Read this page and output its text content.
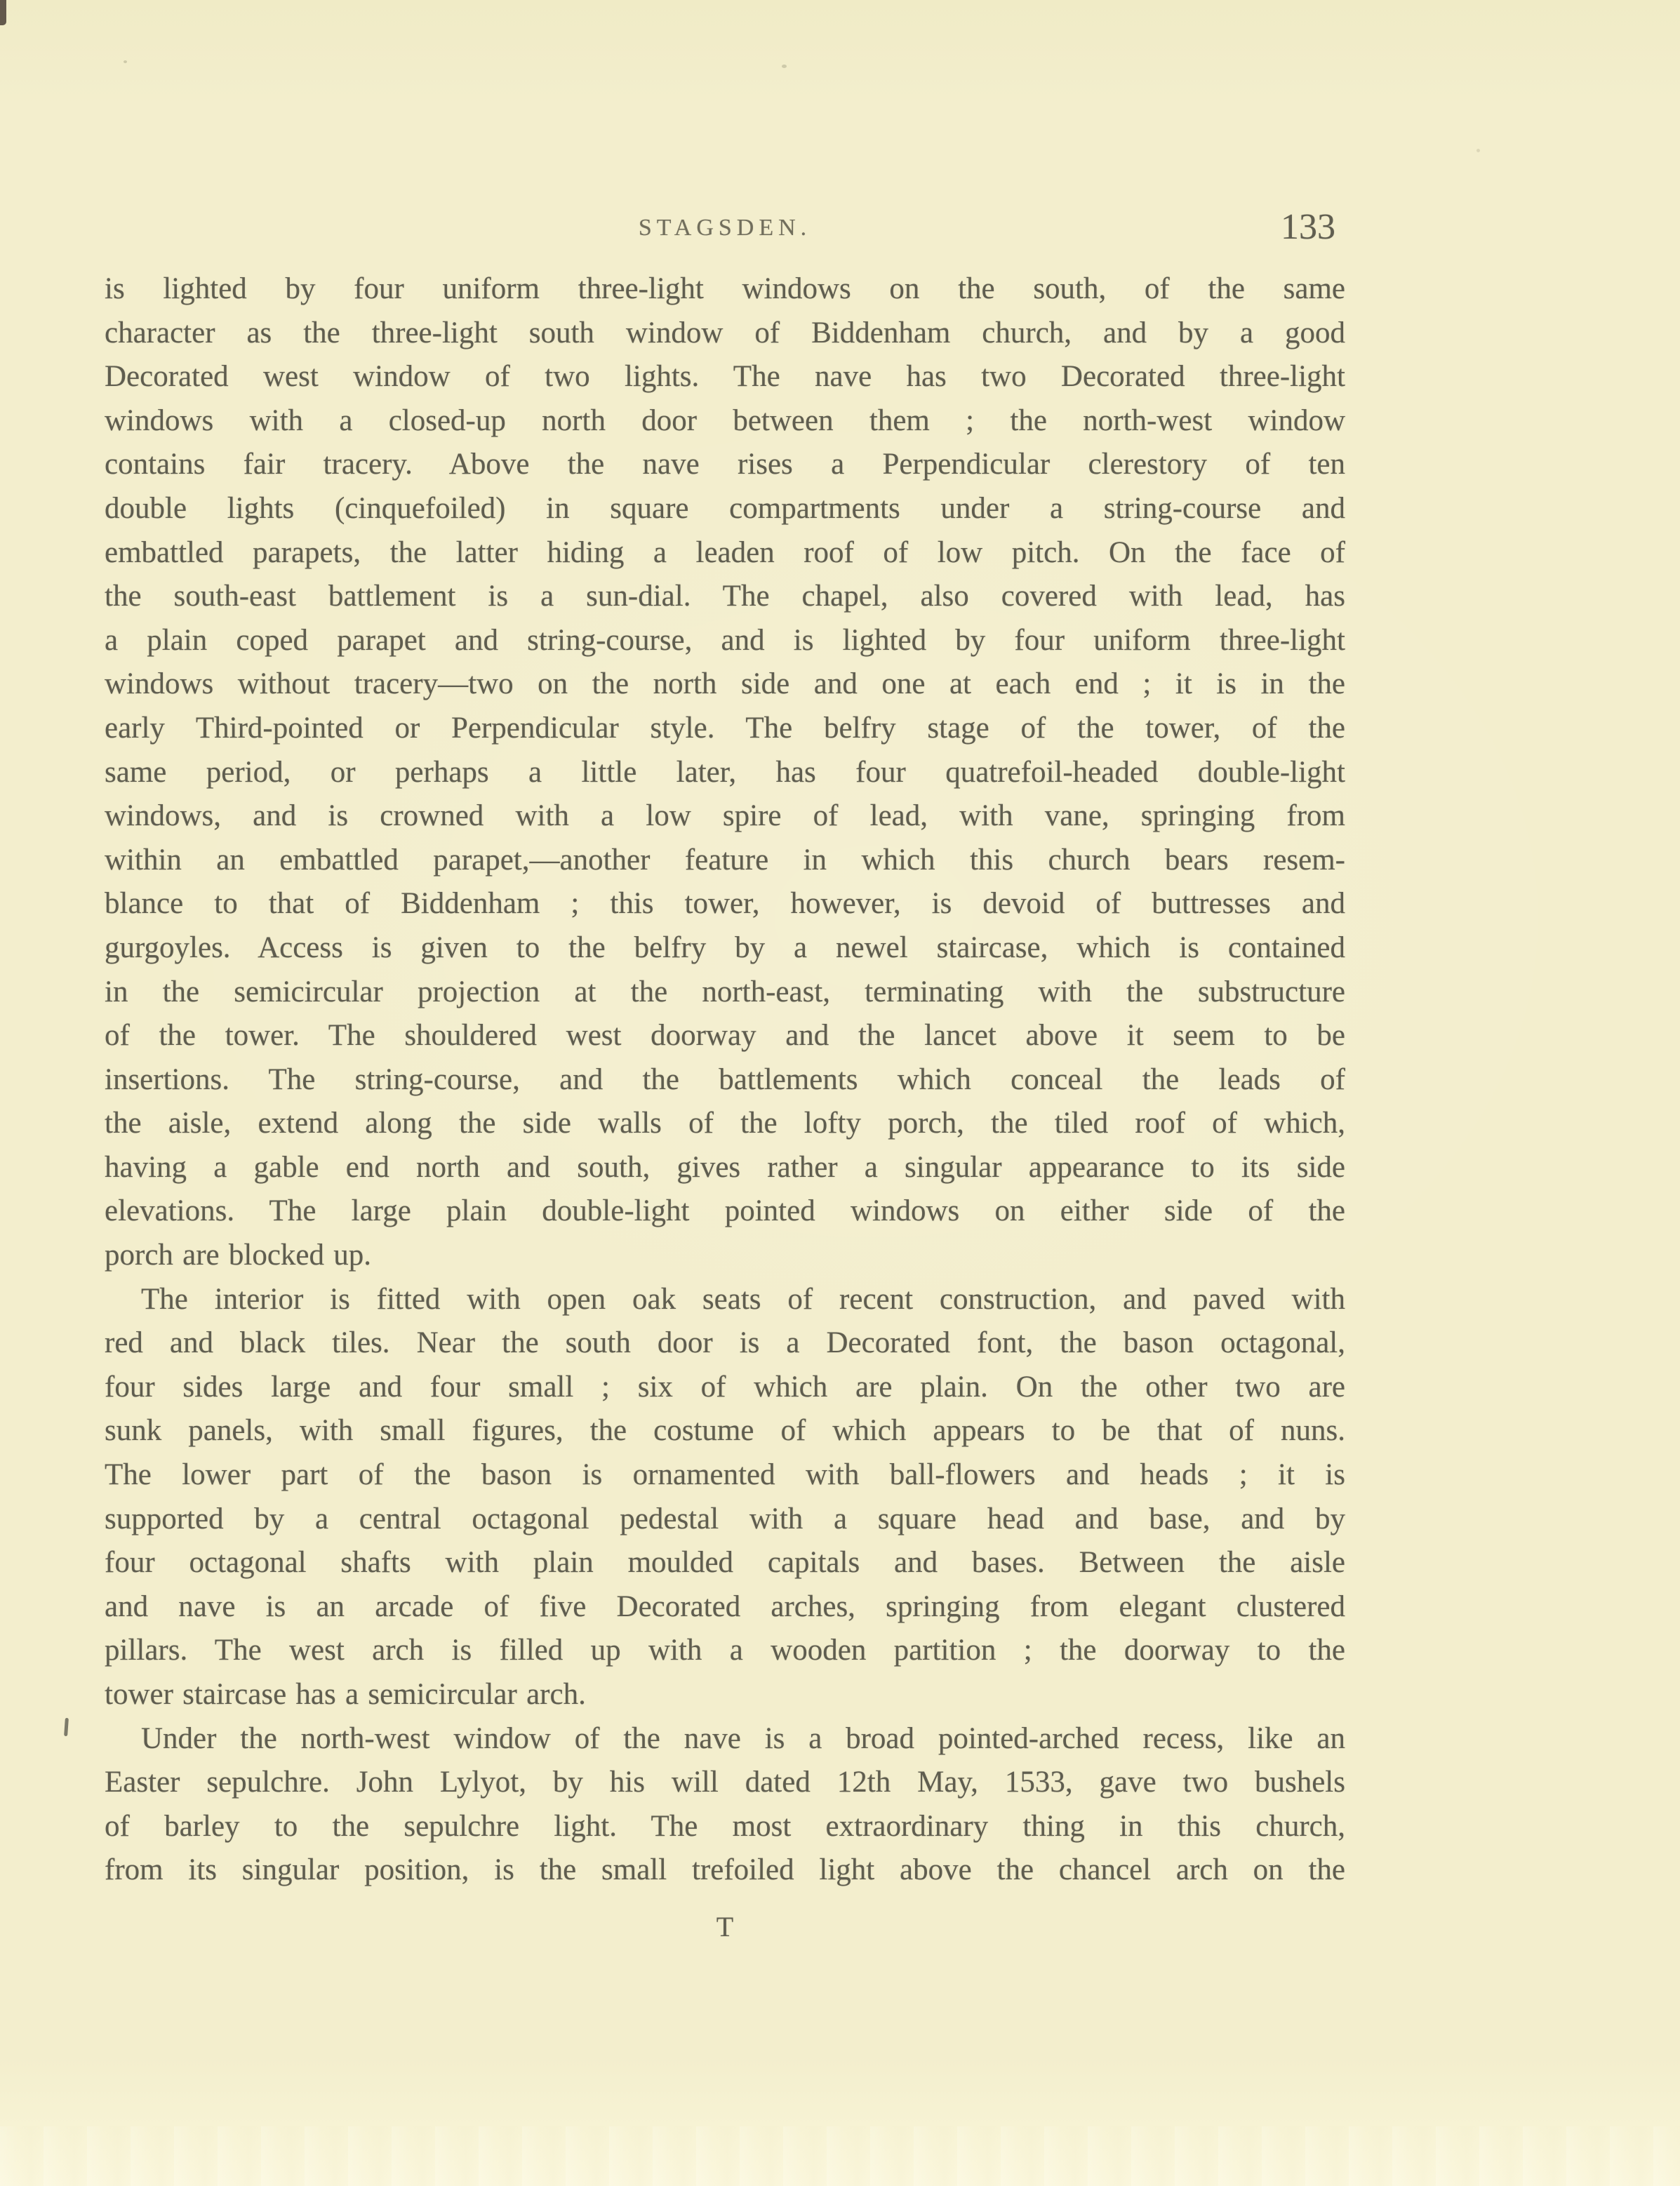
STAGSDEN.	133
is lighted by four uniform three-light windows on the south, of the same
character as the three-light south window of Biddenham church, and by a good
Decorated west window of two lights. The nave has two Decorated three-light
windows with a closed-up north door between them ; the north-west window
contains fair tracery. Above the nave rises a Perpendicular clerestory of ten
double lights (cinquefoiled) in square compartments under a string-course and
embattled parapets, the latter hiding a leaden roof of low pitch. On the face of
the south-east battlement is a sun-dial. The chapel, also covered with lead, has
a plain coped parapet and string-course, and is lighted by four uniform three-light
windows without tracery—two on the north side and one at each end ; it is in the
early Third-pointed or Perpendicular style. The belfry stage of the tower, of the
same period, or perhaps a little later, has four quatrefoil-headed double-light
windows, and is crowned with a low spire of lead, with vane, springing from
within an embattled parapet,—another feature in which this church bears resem-
blance to that of Biddenham ; this tower, however, is devoid of buttresses and
gurgoyles. Access is given to the belfry by a newel staircase, which is contained
in the semicircular projection at the north-east, terminating with the substructure
of the tower. The shouldered west doorway and the lancet above it seem to be
insertions. The string-course, and the battlements which conceal the leads of
the aisle, extend along the side walls of the lofty porch, the tiled roof of which,
having a gable end north and south, gives rather a singular appearance to its side
elevations. The large plain double-light pointed windows on either side of the
porch are blocked up.
The interior is fitted with open oak seats of recent construction, and paved with
red and black tiles. Near the south door is a Decorated font, the bason octagonal,
four sides large and four small ; six of which are plain. On the other two are
sunk panels, with small figures, the costume of which appears to be that of nuns.
The lower part of the bason is ornamented with ball-flowers and heads ; it is
supported by a central octagonal pedestal with a square head and base, and by
four octagonal shafts with plain moulded capitals and bases. Between the aisle
and nave is an arcade of five Decorated arches, springing from elegant clustered
pillars. The west arch is filled up with a wooden partition ; the doorway to the
tower staircase has a semicircular arch.
Under the north-west window of the nave is a broad pointed-arched recess, like an
Easter sepulchre. John Lylyot, by his will dated 12th May, 1533, gave two bushels
of barley to the sepulchre light. The most extraordinary thing in this church,
from its singular position, is the small trefoiled light above the chancel arch on the
T
